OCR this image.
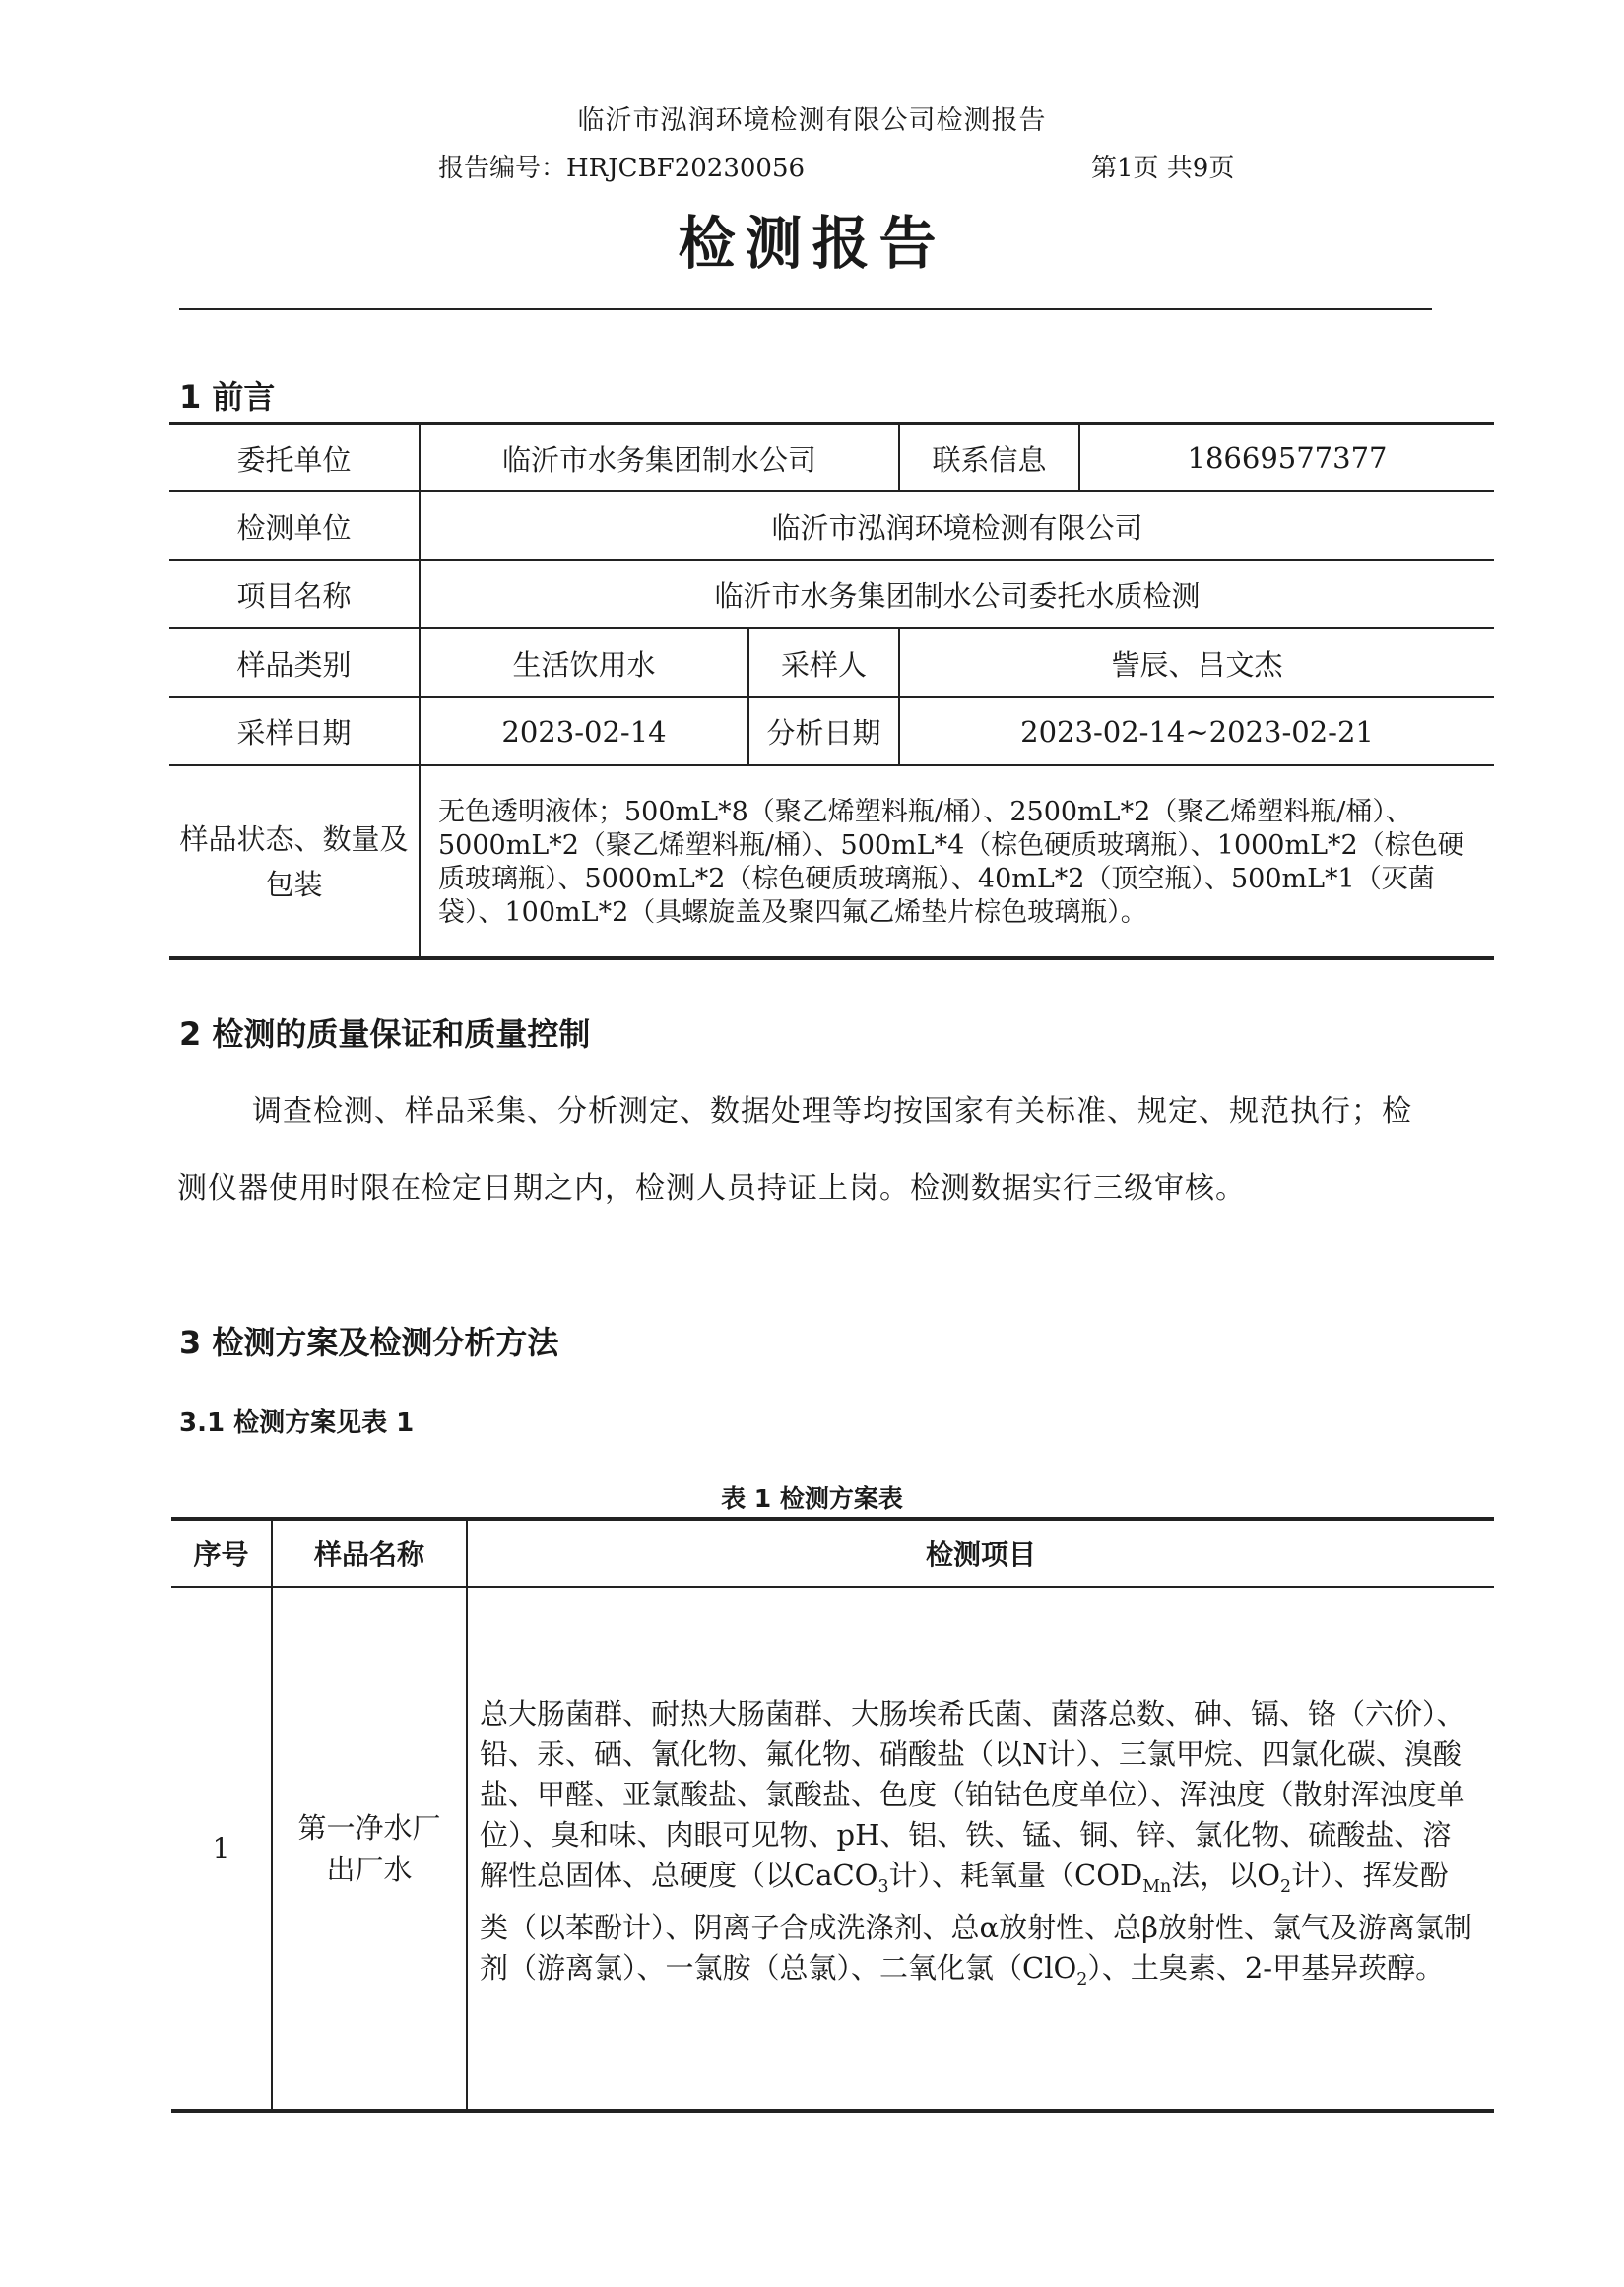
临沂市泓润环境检测有限公司检测报告
报告编号：HRJCBF20230056	第1页 共9页
检测报告
1 前言
委托单位	临沂市水务集团制水公司		联系信息	18669577377
检测单位	临沂市泓润环境检测有限公司			
项目名称	临沂市水务集团制水公司委托水质检测			
样品类别	生活饮用水	采样人	訾辰、吕文杰	
采样日期	2023-02-14	分析日期	2023-02-14~2023-02-21	
样品状态、数量及包装	无色透明液体；500mL*8（聚乙烯塑料瓶/桶）、2500mL*2（聚乙烯塑料瓶/桶）、5000mL*2（聚乙烯塑料瓶/桶）、500mL*4（棕色硬质玻璃瓶）、1000mL*2（棕色硬质玻璃瓶）、5000mL*2（棕色硬质玻璃瓶）、40mL*2（顶空瓶）、500mL*1（灭菌袋）、100mL*2（具螺旋盖及聚四氟乙烯垫片棕色玻璃瓶）。			
2 检测的质量保证和质量控制
调查检测、样品采集、分析测定、数据处理等均按国家有关标准、规定、规范执行；检测仪器使用时限在检定日期之内，检测人员持证上岗。检测数据实行三级审核。
3 检测方案及检测分析方法
3.1 检测方案见表 1
表 1 检测方案表
序号	样品名称	检测项目
1	第一净水厂出厂水	总大肠菌群、耐热大肠菌群、大肠埃希氏菌、菌落总数、砷、镉、铬（六价）、铅、汞、硒、氰化物、氟化物、硝酸盐（以N计）、三氯甲烷、四氯化碳、溴酸盐、甲醛、亚氯酸盐、氯酸盐、色度（铂钴色度单位）、浑浊度（散射浑浊度单位）、臭和味、肉眼可见物、pH、铝、铁、锰、铜、锌、氯化物、硫酸盐、溶解性总固体、总硬度（以CaCO$_3$计）、耗氧量（$COD_{Mn}$法，以$O_2$计）、挥发酚类（以苯酚计）、阴离子合成洗涤剂、总α放射性、总β放射性、氯气及游离氯制剂（游离氯）、一氯胺（总氯）、二氧化氯（ClO$_2$）、土臭素、2-甲基异莰醇。
